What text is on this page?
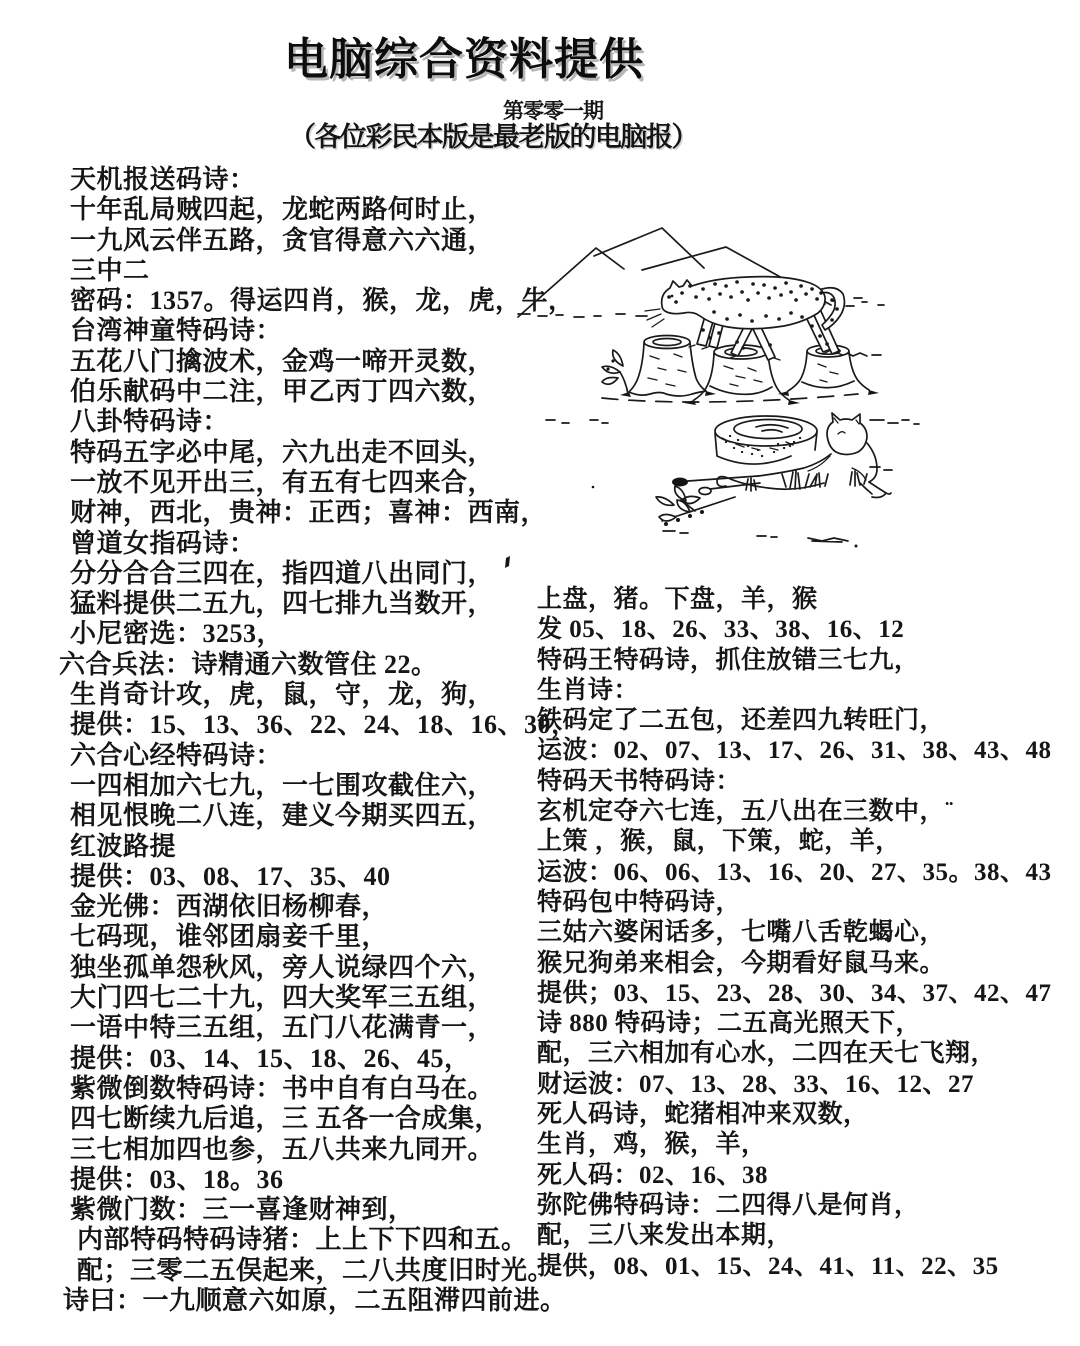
电脑综合资料提供
第零零一期
（各位彩民本版是最老版的电脑报）
天机报送码诗：
十年乱局贼四起，龙蛇两路何时止，
一九风云伴五路，贪官得意六六通，
三中二
密码：1357。得运四肖，猴，龙，虎，牛，
台湾神童特码诗：
五花八门擒波术，金鸡一啼开灵数，
伯乐献码中二注，甲乙丙丁四六数，
八卦特码诗：
特码五字必中尾，六九出走不回头，
一放不见开出三，有五有七四来合，
财神，西北，贵神：正西；喜神：西南，
曾道女指码诗：
分分合合三四在，指四道八出同门，
猛料提供二五九，四七排九当数开，
小尼密选：3253，
六合兵法：诗精通六数管住 22。
生肖奇计攻，虎，鼠，守，龙，狗，
提供：15、13、36、22、24、18、16、30，
六合心经特码诗：
一四相加六七九，一七围攻截住六，
相见恨晚二八连，建义今期买四五，
红波路提
提供：03、08、17、35、40
金光佛：西湖依旧杨柳春，
七码现，谁邻团扇妾千里，
独坐孤单怨秋风，旁人说绿四个六，
大门四七二十九，四大奖军三五组，
一语中特三五组，五门八花满青一，
提供：03、14、15、18、26、45，
紫微倒数特码诗：书中自有白马在。
四七断续九后追，三 五各一合成集，
三七相加四也参，五八共来九同开。
提供：03、18。36
紫微门数：三一喜逢财神到，
内部特码特码诗猪：上上下下四和五。
配；三零二五俣起来，二八共度旧时光。
诗曰：一九顺意六如原，二五阻滞四前进。
上盘，猪。下盘，羊，猴
发 05、18、26、33、38、16、12
特码王特码诗，抓住放错三七九，
生肖诗：
铁码定了二五包，还差四九转旺门，
运波：02、07、13、17、26、31、38、43、48
特码天书特码诗：
玄机定夺六七连，五八出在三数中，¨
上策 ，猴，鼠，下策，蛇，羊，
运波：06、06、13、16、20、27、35。38、43
特码包中特码诗，
三姑六婆闲话多，七嘴八舌乾蝎心，
猴兄狗弟来相会，今期看好鼠马来。
提供；03、15、23、28、30、34、37、42、47
诗 880 特码诗；二五高光照天下，
配，三六相加有心水，二四在天七飞翔，
财运波：07、13、28、33、16、12、27
死人码诗，蛇猪相冲来双数，
生肖，鸡，猴，羊，
死人码：02、16、38
弥陀佛特码诗：二四得八是何肖，
配，三八来发出本期，
提供，08、01、15、24、41、11、22、35
